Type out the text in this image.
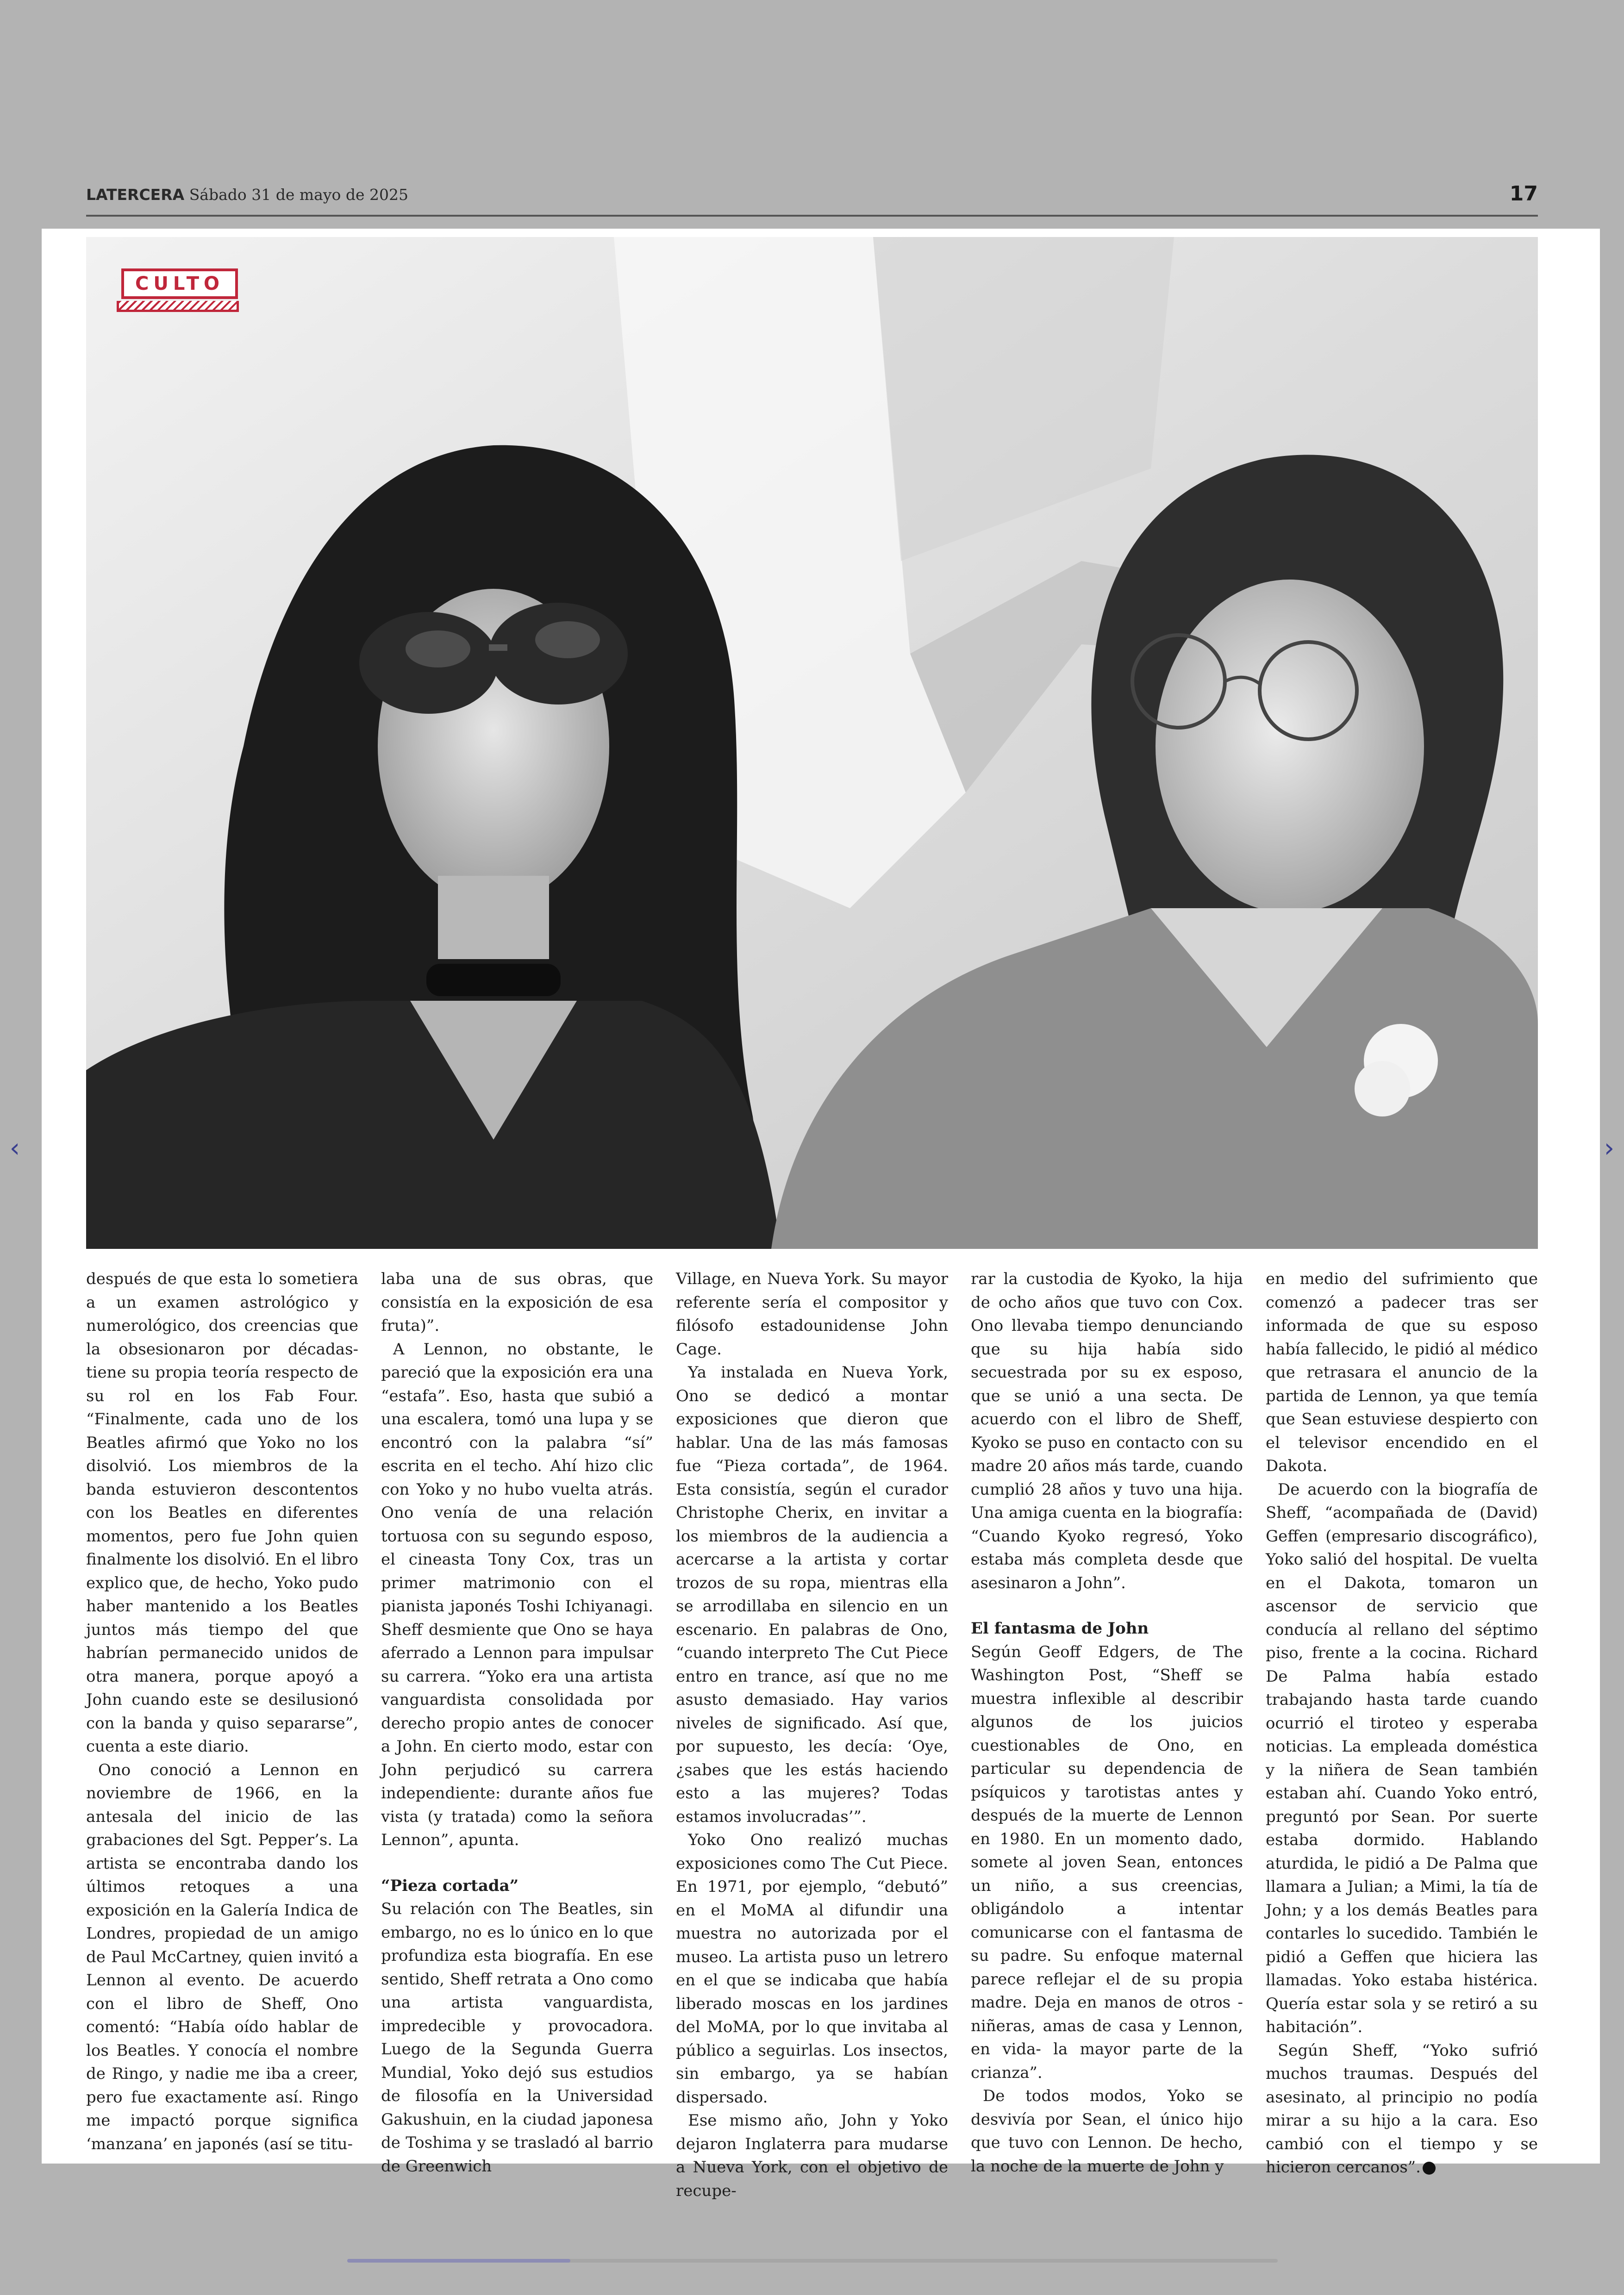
LATERCERA Sábado 31 de mayo de 2025	17
CULTO

después de que esta lo sometiera a un examen astrológico y numerológico, dos creencias que la obsesionaron por décadas- tiene su propia teoría respecto de su rol en los Fab Four. “Finalmente, cada uno de los Beatles afirmó que Yoko no los disolvió. Los miembros de la banda estuvieron descontentos con los Beatles en diferentes momentos, pero fue John quien finalmente los disolvió. En el libro explico que, de hecho, Yoko pudo haber mantenido a los Beatles juntos más tiempo del que habrían permanecido unidos de otra manera, porque apoyó a John cuando este se desilusionó con la banda y quiso separarse”, cuenta a este diario.

Ono conoció a Lennon en noviembre de 1966, en la antesala del inicio de las grabaciones del Sgt. Pepper’s. La artista se encontraba dando los últimos retoques a una exposición en la Galería Indica de Londres, propiedad de un amigo de Paul McCartney, quien invitó a Lennon al evento. De acuerdo con el libro de Sheff, Ono comentó: “Había oído hablar de los Beatles. Y conocía el nombre de Ringo, y nadie me iba a creer, pero fue exactamente así. Ringo me impactó porque significa ‘manzana’ en japonés (así se titu-

laba una de sus obras, que consistía en la exposición de esa fruta)”.

A Lennon, no obstante, le pareció que la exposición era una “estafa”. Eso, hasta que subió a una escalera, tomó una lupa y se encontró con la palabra “sí” escrita en el techo. Ahí hizo clic con Yoko y no hubo vuelta atrás. Ono venía de una relación tortuosa con su segundo esposo, el cineasta Tony Cox, tras un primer matrimonio con el pianista japonés Toshi Ichiyanagi. Sheff desmiente que Ono se haya aferrado a Lennon para impulsar su carrera. “Yoko era una artista vanguardista consolidada por derecho propio antes de conocer a John. En cierto modo, estar con John perjudicó su carrera independiente: durante años fue vista (y tratada) como la señora Lennon”, apunta.

“Pieza cortada”

Su relación con The Beatles, sin embargo, no es lo único en lo que profundiza esta biografía. En ese sentido, Sheff retrata a Ono como una artista vanguardista, impredecible y provocadora. Luego de la Segunda Guerra Mundial, Yoko dejó sus estudios de filosofía en la Universidad Gakushuin, en la ciudad japonesa de Toshima y se trasladó al barrio de Greenwich

Village, en Nueva York. Su mayor referente sería el compositor y filósofo estadounidense John Cage.

Ya instalada en Nueva York, Ono se dedicó a montar exposiciones que dieron que hablar. Una de las más famosas fue “Pieza cortada”, de 1964. Esta consistía, según el curador Christophe Cherix, en invitar a los miembros de la audiencia a acercarse a la artista y cortar trozos de su ropa, mientras ella se arrodillaba en silencio en un escenario. En palabras de Ono, “cuando interpreto The Cut Piece entro en trance, así que no me asusto demasiado. Hay varios niveles de significado. Así que, por supuesto, les decía: ‘Oye, ¿sabes que les estás haciendo esto a las mujeres? Todas estamos involucradas’”.

Yoko Ono realizó muchas exposiciones como The Cut Piece. En 1971, por ejemplo, “debutó” en el MoMA al difundir una muestra no autorizada por el museo. La artista puso un letrero en el que se indicaba que había liberado moscas en los jardines del MoMA, por lo que invitaba al público a seguirlas. Los insectos, sin embargo, ya se habían dispersado.

Ese mismo año, John y Yoko dejaron Inglaterra para mudarse a Nueva York, con el objetivo de recupe-

rar la custodia de Kyoko, la hija de ocho años que tuvo con Cox. Ono llevaba tiempo denunciando que su hija había sido secuestrada por su ex esposo, que se unió a una secta. De acuerdo con el libro de Sheff, Kyoko se puso en contacto con su madre 20 años más tarde, cuando cumplió 28 años y tuvo una hija. Una amiga cuenta en la biografía: “Cuando Kyoko regresó, Yoko estaba más completa desde que asesinaron a John”.

El fantasma de John

Según Geoff Edgers, de The Washington Post, “Sheff se muestra inflexible al describir algunos de los juicios cuestionables de Ono, en particular su dependencia de psíquicos y tarotistas antes y después de la muerte de Lennon en 1980. En un momento dado, somete al joven Sean, entonces un niño, a sus creencias, obligándolo a intentar comunicarse con el fantasma de su padre. Su enfoque maternal parece reflejar el de su propia madre. Deja en manos de otros -niñeras, amas de casa y Lennon, en vida- la mayor parte de la crianza”.

De todos modos, Yoko se desvivía por Sean, el único hijo que tuvo con Lennon. De hecho, la noche de la muerte de John y

en medio del sufrimiento que comenzó a padecer tras ser informada de que su esposo había fallecido, le pidió al médico que retrasara el anuncio de la partida de Lennon, ya que temía que Sean estuviese despierto con el televisor encendido en el Dakota.

De acuerdo con la biografía de Sheff, “acompañada de (David) Geffen (empresario discográfico), Yoko salió del hospital. De vuelta en el Dakota, tomaron un ascensor de servicio que conducía al rellano del séptimo piso, frente a la cocina. Richard De Palma había estado trabajando hasta tarde cuando ocurrió el tiroteo y esperaba noticias. La empleada doméstica y la niñera de Sean también estaban ahí. Cuando Yoko entró, preguntó por Sean. Por suerte estaba dormido. Hablando aturdida, le pidió a De Palma que llamara a Julian; a Mimi, la tía de John; y a los demás Beatles para contarles lo sucedido. También le pidió a Geffen que hiciera las llamadas. Yoko estaba histérica. Quería estar sola y se retiró a su habitación”.

Según Sheff, “Yoko sufrió muchos traumas. Después del asesinato, al principio no podía mirar a su hijo a la cara. Eso cambió con el tiempo y se hicieron cercanos”.

‹	›
